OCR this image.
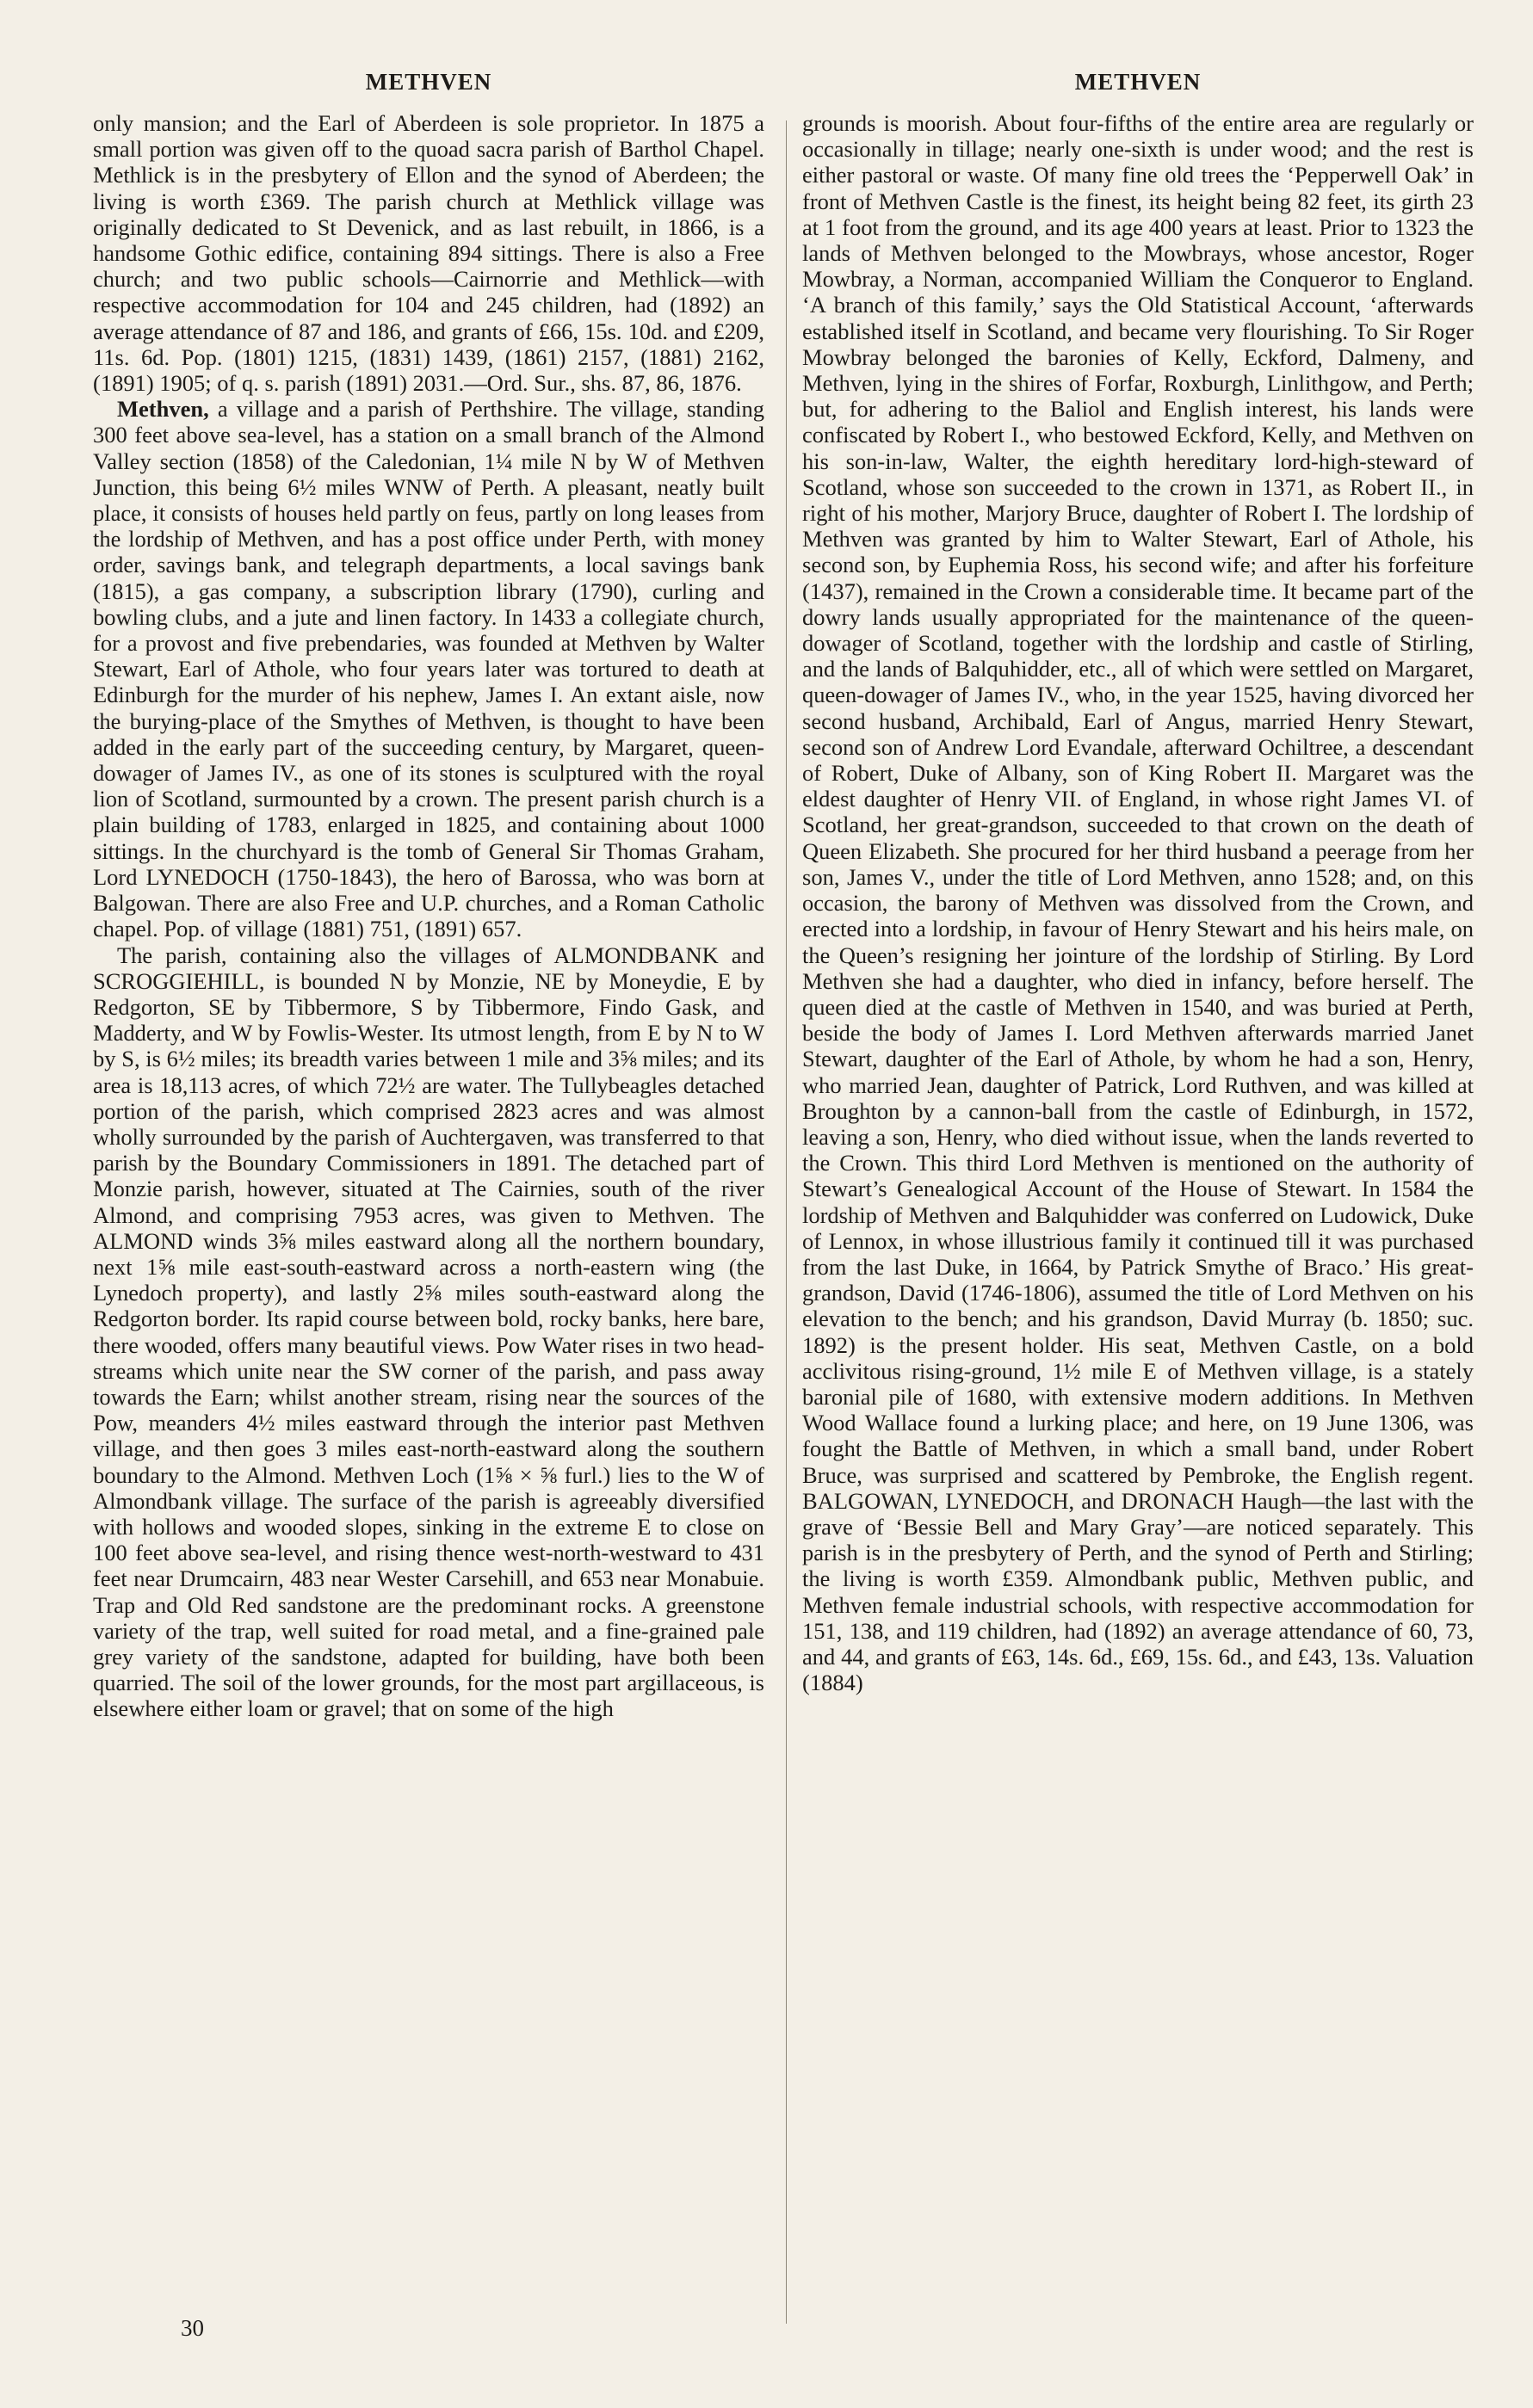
METHVEN

only mansion; and the Earl of Aberdeen is sole proprietor. In 1875 a small portion was given off to the quoad sacra parish of Barthol Chapel. Methlick is in the presbytery of Ellon and the synod of Aberdeen; the living is worth £369. The parish church at Methlick village was originally dedicated to St Devenick, and as last rebuilt, in 1866, is a handsome Gothic edifice, containing 894 sittings. There is also a Free church; and two public schools—Cairnorrie and Methlick—with respective accommodation for 104 and 245 children, had (1892) an average attendance of 87 and 186, and grants of £66, 15s. 10d. and £209, 11s. 6d. Pop. (1801) 1215, (1831) 1439, (1861) 2157, (1881) 2162, (1891) 1905; of q. s. parish (1891) 2031.—Ord. Sur., shs. 87, 86, 1876.

Methven, a village and a parish of Perthshire. The village, standing 300 feet above sea-level, has a station on a small branch of the Almond Valley section (1858) of the Caledonian, 1¼ mile N by W of Methven Junction, this being 6½ miles WNW of Perth. A pleasant, neatly built place, it consists of houses held partly on feus, partly on long leases from the lordship of Methven, and has a post office under Perth, with money order, savings bank, and telegraph departments, a local savings bank (1815), a gas company, a subscription library (1790), curling and bowling clubs, and a jute and linen factory. In 1433 a collegiate church, for a provost and five prebendaries, was founded at Methven by Walter Stewart, Earl of Athole, who four years later was tortured to death at Edinburgh for the murder of his nephew, James I. An extant aisle, now the burying-place of the Smythes of Methven, is thought to have been added in the early part of the succeeding century, by Margaret, queen-dowager of James IV., as one of its stones is sculptured with the royal lion of Scotland, surmounted by a crown. The present parish church is a plain building of 1783, enlarged in 1825, and containing about 1000 sittings. In the churchyard is the tomb of General Sir Thomas Graham, Lord LYNEDOCH (1750-1843), the hero of Barossa, who was born at Balgowan. There are also Free and U.P. churches, and a Roman Catholic chapel. Pop. of village (1881) 751, (1891) 657.

The parish, containing also the villages of ALMONDBANK and SCROGGIEHILL, is bounded N by Monzie, NE by Moneydie, E by Redgorton, SE by Tibbermore, S by Tibbermore, Findo Gask, and Madderty, and W by Fowlis-Wester. Its utmost length, from E by N to W by S, is 6½ miles; its breadth varies between 1 mile and 3⅝ miles; and its area is 18,113 acres, of which 72½ are water. The Tullybeagles detached portion of the parish, which comprised 2823 acres and was almost wholly surrounded by the parish of Auchtergaven, was transferred to that parish by the Boundary Commissioners in 1891. The detached part of Monzie parish, however, situated at The Cairnies, south of the river Almond, and comprising 7953 acres, was given to Methven. The ALMOND winds 3⅝ miles eastward along all the northern boundary, next 1⅝ mile east-south-eastward across a north-eastern wing (the Lynedoch property), and lastly 2⅝ miles south-eastward along the Redgorton border. Its rapid course between bold, rocky banks, here bare, there wooded, offers many beautiful views. Pow Water rises in two head-streams which unite near the SW corner of the parish, and pass away towards the Earn; whilst another stream, rising near the sources of the Pow, meanders 4½ miles eastward through the interior past Methven village, and then goes 3 miles east-north-eastward along the southern boundary to the Almond. Methven Loch (1⅝ × ⅝ furl.) lies to the W of Almondbank village. The surface of the parish is agreeably diversified with hollows and wooded slopes, sinking in the extreme E to close on 100 feet above sea-level, and rising thence west-north-westward to 431 feet near Drumcairn, 483 near Wester Carsehill, and 653 near Monabuie. Trap and Old Red sandstone are the predominant rocks. A greenstone variety of the trap, well suited for road metal, and a fine-grained pale grey variety of the sandstone, adapted for building, have both been quarried. The soil of the lower grounds, for the most part argillaceous, is elsewhere either loam or gravel; that on some of the high

METHVEN

grounds is moorish. About four-fifths of the entire area are regularly or occasionally in tillage; nearly one-sixth is under wood; and the rest is either pastoral or waste. Of many fine old trees the ‘Pepperwell Oak’ in front of Methven Castle is the finest, its height being 82 feet, its girth 23 at 1 foot from the ground, and its age 400 years at least. Prior to 1323 the lands of Methven belonged to the Mowbrays, whose ancestor, Roger Mowbray, a Norman, accompanied William the Conqueror to England. ‘A branch of this family,’ says the Old Statistical Account, ‘afterwards established itself in Scotland, and became very flourishing. To Sir Roger Mowbray belonged the baronies of Kelly, Eckford, Dalmeny, and Methven, lying in the shires of Forfar, Roxburgh, Linlithgow, and Perth; but, for adhering to the Baliol and English interest, his lands were confiscated by Robert I., who bestowed Eckford, Kelly, and Methven on his son-in-law, Walter, the eighth hereditary lord-high-steward of Scotland, whose son succeeded to the crown in 1371, as Robert II., in right of his mother, Marjory Bruce, daughter of Robert I. The lordship of Methven was granted by him to Walter Stewart, Earl of Athole, his second son, by Euphemia Ross, his second wife; and after his forfeiture (1437), remained in the Crown a considerable time. It became part of the dowry lands usually appropriated for the maintenance of the queen-dowager of Scotland, together with the lordship and castle of Stirling, and the lands of Balquhidder, etc., all of which were settled on Margaret, queen-dowager of James IV., who, in the year 1525, having divorced her second husband, Archibald, Earl of Angus, married Henry Stewart, second son of Andrew Lord Evandale, afterward Ochiltree, a descendant of Robert, Duke of Albany, son of King Robert II. Margaret was the eldest daughter of Henry VII. of England, in whose right James VI. of Scotland, her great-grandson, succeeded to that crown on the death of Queen Elizabeth. She procured for her third husband a peerage from her son, James V., under the title of Lord Methven, anno 1528; and, on this occasion, the barony of Methven was dissolved from the Crown, and erected into a lordship, in favour of Henry Stewart and his heirs male, on the Queen’s resigning her jointure of the lordship of Stirling. By Lord Methven she had a daughter, who died in infancy, before herself. The queen died at the castle of Methven in 1540, and was buried at Perth, beside the body of James I. Lord Methven afterwards married Janet Stewart, daughter of the Earl of Athole, by whom he had a son, Henry, who married Jean, daughter of Patrick, Lord Ruthven, and was killed at Broughton by a cannon-ball from the castle of Edinburgh, in 1572, leaving a son, Henry, who died without issue, when the lands reverted to the Crown. This third Lord Methven is mentioned on the authority of Stewart’s Genealogical Account of the House of Stewart. In 1584 the lordship of Methven and Balquhidder was conferred on Ludowick, Duke of Lennox, in whose illustrious family it continued till it was purchased from the last Duke, in 1664, by Patrick Smythe of Braco.’ His great-grandson, David (1746-1806), assumed the title of Lord Methven on his elevation to the bench; and his grandson, David Murray (b. 1850; suc. 1892) is the present holder. His seat, Methven Castle, on a bold acclivitous rising-ground, 1½ mile E of Methven village, is a stately baronial pile of 1680, with extensive modern additions. In Methven Wood Wallace found a lurking place; and here, on 19 June 1306, was fought the Battle of Methven, in which a small band, under Robert Bruce, was surprised and scattered by Pembroke, the English regent. BALGOWAN, LYNEDOCH, and DRONACH Haugh—the last with the grave of ‘Bessie Bell and Mary Gray’—are noticed separately. This parish is in the presbytery of Perth, and the synod of Perth and Stirling; the living is worth £359. Almondbank public, Methven public, and Methven female industrial schools, with respective accommodation for 151, 138, and 119 children, had (1892) an average attendance of 60, 73, and 44, and grants of £63, 14s. 6d., £69, 15s. 6d., and £43, 13s. Valuation (1884)

30
